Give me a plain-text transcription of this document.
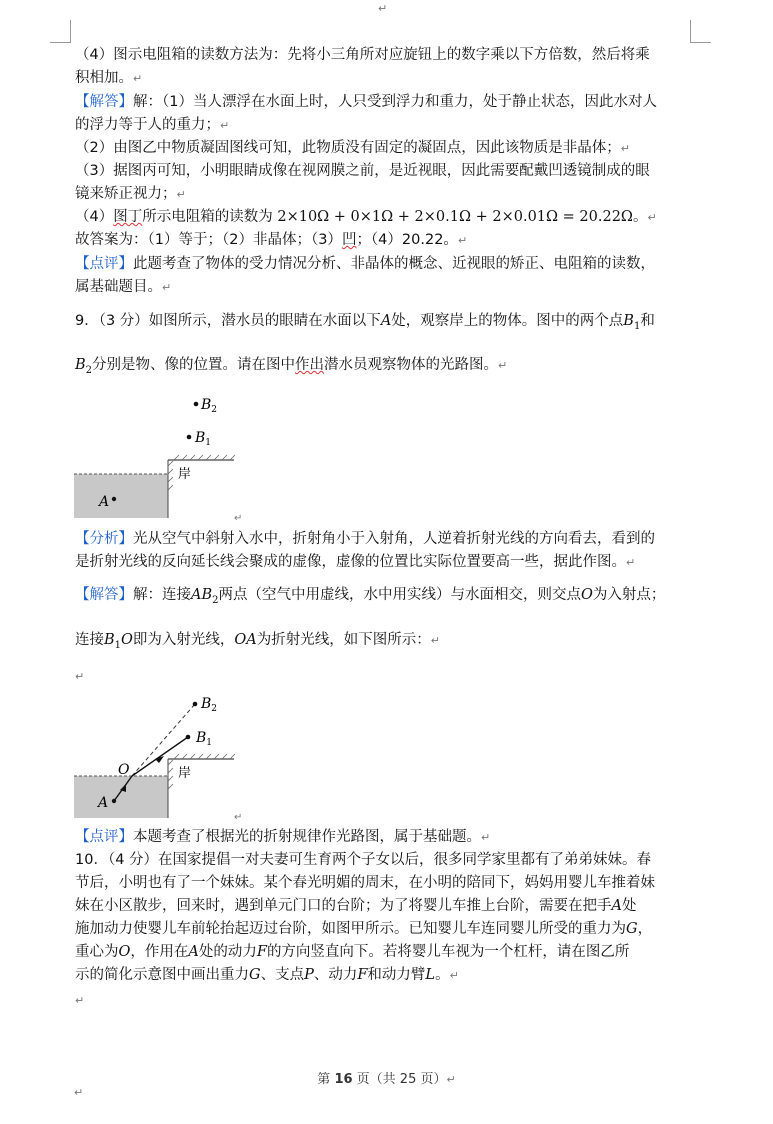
↵
（4）图示电阻箱的读数方法为：先将小三角所对应旋钮上的数字乘以下方倍数，然后将乘
积相加。↵
【解答】解：（1）当人漂浮在水面上时，人只受到浮力和重力，处于静止状态，因此水对人
的浮力等于人的重力；↵
（2）由图乙中物质凝固图线可知，此物质没有固定的凝固点，因此该物质是非晶体；↵
（3）据图丙可知，小明眼睛成像在视网膜之前，是近视眼，因此需要配戴凹透镜制成的眼
镜来矫正视力；↵
（4）图丁所示电阻箱的读数为 2×10Ω + 0×1Ω + 2×0.1Ω + 2×0.01Ω = 20.22Ω。↵
故答案为：（1）等于；（2）非晶体；（3）凹；（4）20.22。↵
【点评】此题考查了物体的受力情况分析、非晶体的概念、近视眼的矫正、电阻箱的读数，
属基础题目。↵
9．（3 分）如图所示，潜水员的眼睛在水面以下A处，观察岸上的物体。图中的两个点$B_1$和
$B_2$分别是物、像的位置。请在图中作出潜水员观察物体的光路图。↵
$B_2$
$B_1$
岸
A
↵
【分析】光从空气中斜射入水中，折射角小于入射角，人逆着折射光线的方向看去，看到的
是折射光线的反向延长线会聚成的虚像，虚像的位置比实际位置要高一些，据此作图。↵
【解答】解：连接$AB_2$两点（空气中用虚线，水中用实线）与水面相交，则交点O为入射点；
连接$B_1O$即为入射光线，OA为折射光线，如下图所示：↵
↵
$B_2$
$B_1$
O	岸
A
↵
【点评】本题考查了根据光的折射规律作光路图，属于基础题。↵
10．（4 分）在国家提倡一对夫妻可生育两个子女以后，很多同学家里都有了弟弟妹妹。春
节后，小明也有了一个妹妹。某个春光明媚的周末，在小明的陪同下，妈妈用婴儿车推着妹
妹在小区散步，回来时，遇到单元门口的台阶；为了将婴儿车推上台阶，需要在把手A处
施加动力使婴儿车前轮抬起迈过台阶，如图甲所示。已知婴儿车连同婴儿所受的重力为G，
重心为O，作用在A处的动力F的方向竖直向下。若将婴儿车视为一个杠杆，请在图乙所
示的简化示意图中画出重力G、支点P、动力F和动力臂L。↵
↵
第 16 页（共 25 页）↵
↵
